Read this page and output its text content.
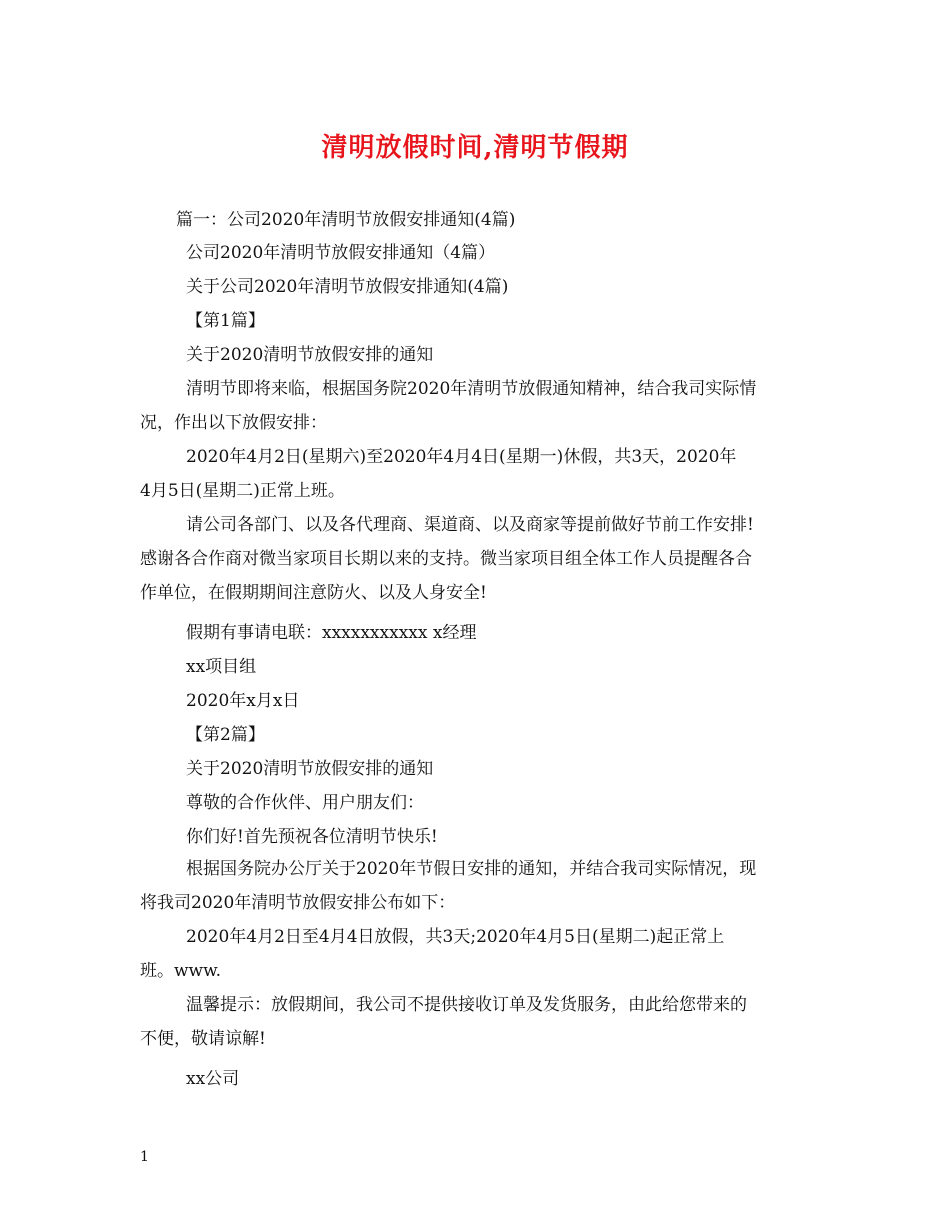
清明放假时间,清明节假期
篇一：公司2020年清明节放假安排通知(4篇)
公司2020年清明节放假安排通知（4篇）
关于公司2020年清明节放假安排通知(4篇)
【第1篇】
关于2020清明节放假安排的通知
清明节即将来临，根据国务院2020年清明节放假通知精神，结合我司实际情
况，作出以下放假安排：
2020年4月2日(星期六)至2020年4月4日(星期一)休假，共3天，2020年
4月5日(星期二)正常上班。
请公司各部门、以及各代理商、渠道商、以及商家等提前做好节前工作安排!
感谢各合作商对微当家项目长期以来的支持。微当家项目组全体工作人员提醒各合
作单位，在假期期间注意防火、以及人身安全!
假期有事请电联：xxxxxxxxxxx x经理
xx项目组
2020年x月x日
【第2篇】
关于2020清明节放假安排的通知
尊敬的合作伙伴、用户朋友们：
你们好!首先预祝各位清明节快乐!
根据国务院办公厅关于2020年节假日安排的通知，并结合我司实际情况，现
将我司2020年清明节放假安排公布如下：
2020年4月2日至4月4日放假，共3天;2020年4月5日(星期二)起正常上
班。www.
温馨提示：放假期间，我公司不提供接收订单及发货服务，由此给您带来的
不便，敬请谅解!
xx公司
1
